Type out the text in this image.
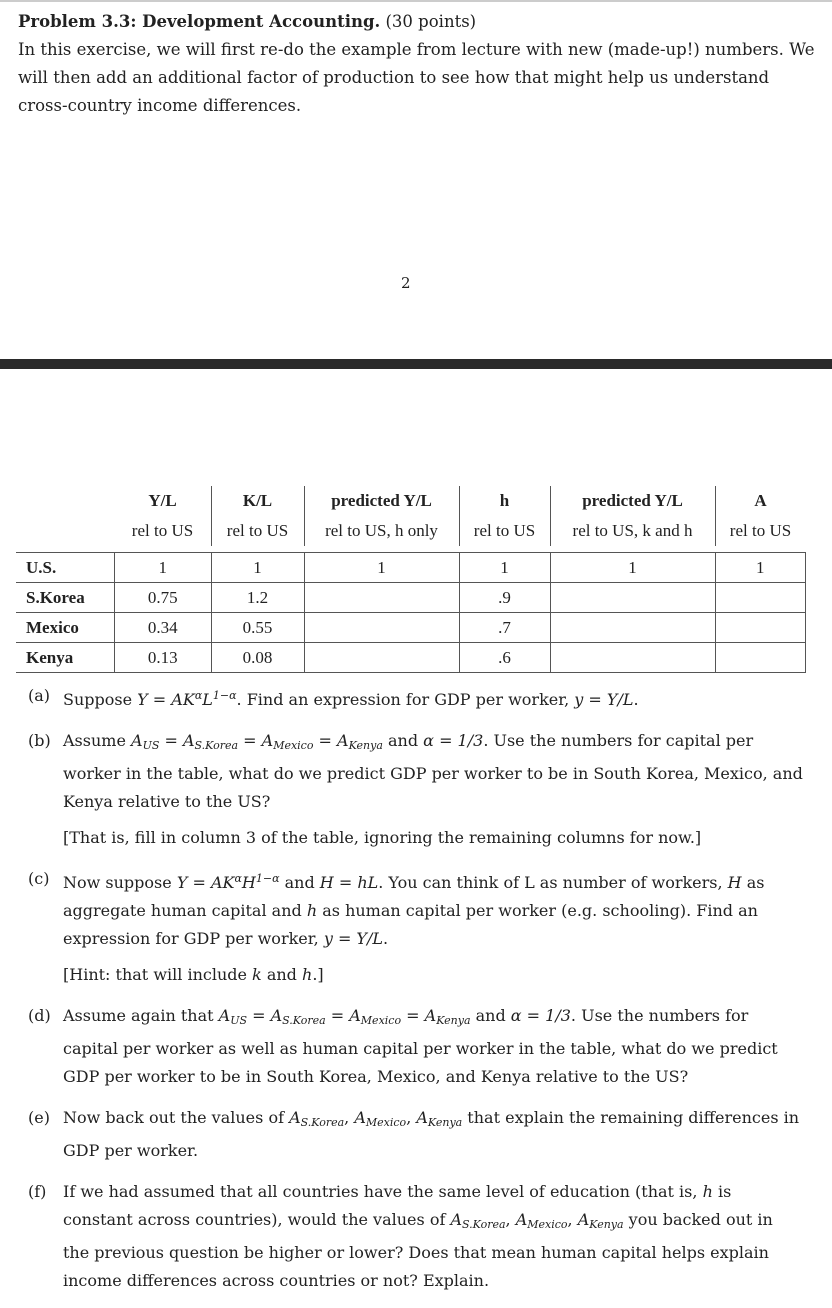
Problem 3.3: Development Accounting. (30 points)
In this exercise, we will first re-do the example from lecture with new (made-up!) numbers. We will then add an additional factor of production to see how that might help us understand cross-country income differences.
2
	Y/L	K/L	predicted Y/L	h	predicted Y/L	A
	rel to US	rel to US	rel to US, h only	rel to US	rel to US, k and h	rel to US

U.S.	1	1	1	1	1	1
S.Korea	0.75	1.2		.9		
Mexico	0.34	0.55		.7		
Kenya	0.13	0.08		.6		
(a) Suppose $Y = AK^\alpha L^{1-\alpha}$. Find an expression for GDP per worker, y = Y/L.

(b) Assume $A_{US} = A_{S.Korea} = A_{Mexico} = A_{Kenya}$ and α = 1/3. Use the numbers for capital per worker in the table, what do we predict GDP per worker to be in South Korea, Mexico, and Kenya relative to the US?

[That is, fill in column 3 of the table, ignoring the remaining columns for now.]

(c) Now suppose $Y = AK^\alpha H^{1-\alpha}$ and H = hL. You can think of L as number of workers, H as aggregate human capital and h as human capital per worker (e.g. schooling). Find an expression for GDP per worker, y = Y/L.

[Hint: that will include k and h.]

(d) Assume again that $A_{US} = A_{S.Korea} = A_{Mexico} = A_{Kenya}$ and α = 1/3. Use the numbers for capital per worker as well as human capital per worker in the table, what do we predict GDP per worker to be in South Korea, Mexico, and Kenya relative to the US?

(e) Now back out the values of $A_{S.Korea}$, $A_{Mexico}$, $A_{Kenya}$ that explain the remaining differences in GDP per worker.

(f) If we had assumed that all countries have the same level of education (that is, h is constant across countries), would the values of $A_{S.Korea}$, $A_{Mexico}$, $A_{Kenya}$ you backed out in the previous question be higher or lower? Does that mean human capital helps explain income differences across countries or not? Explain.
